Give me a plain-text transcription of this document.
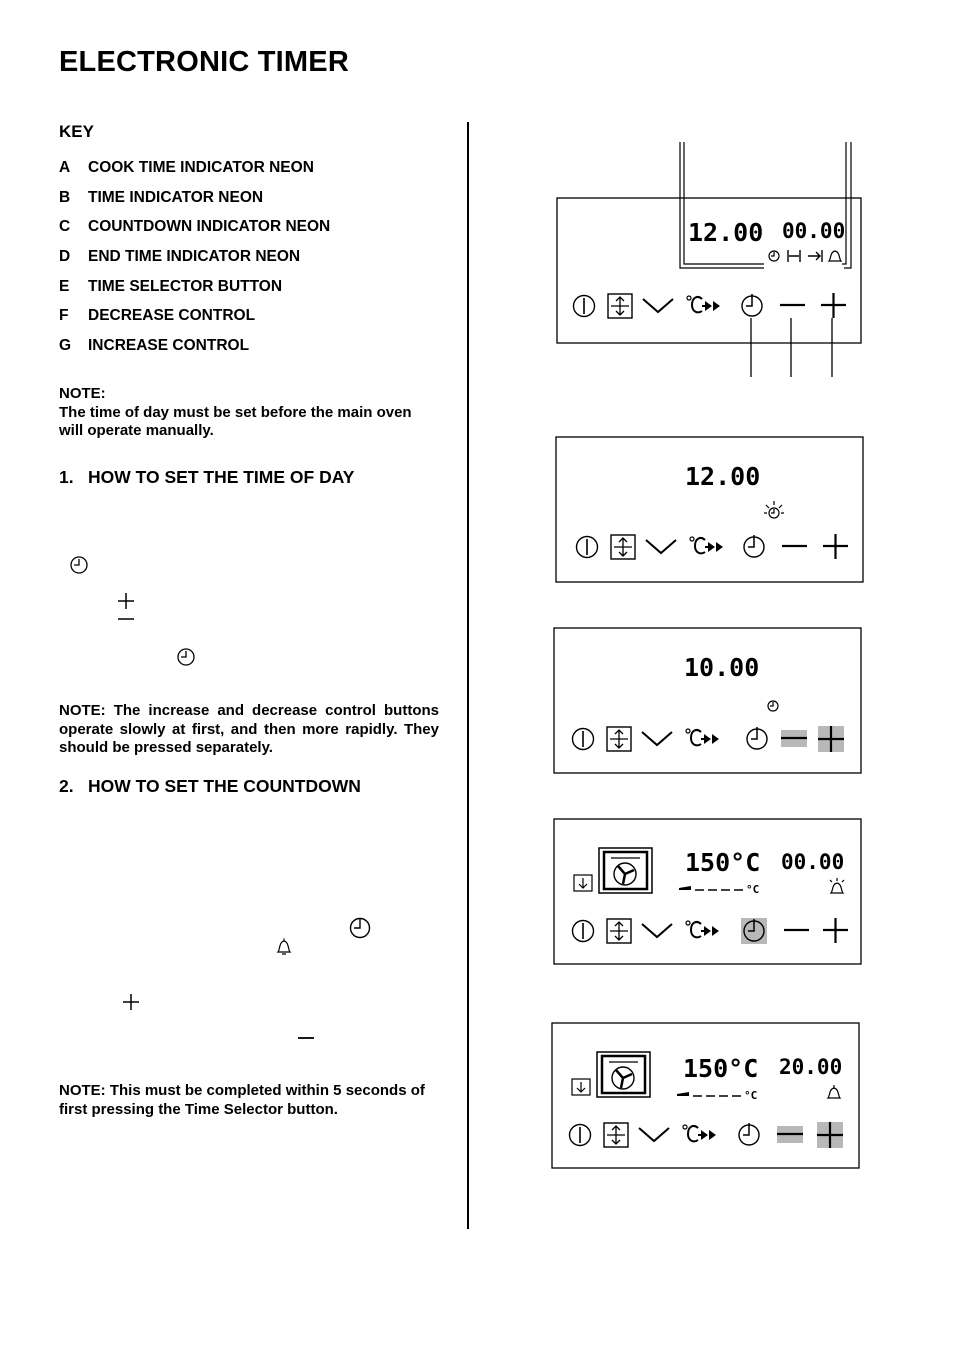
ELECTRONIC TIMER
KEY
A	COOK TIME INDICATOR NEON
B	TIME INDICATOR NEON
C	COUNTDOWN INDICATOR NEON
D	END TIME INDICATOR NEON
E	TIME SELECTOR BUTTON
F	DECREASE CONTROL
G	INCREASE CONTROL
NOTE:
The time of day must be set before the main oven will operate manually.
1. HOW TO SET THE TIME OF DAY
NOTE: The increase and decrease control buttons operate slowly at first, and then more rapidly. They should be pressed separately.
2. HOW TO SET THE COUNTDOWN
NOTE: This must be completed within 5 seconds of first pressing the Time Selector button.
12.00 00.00
12.00
10.00
150°C
°C
00.00
150°C
°C
20.00
